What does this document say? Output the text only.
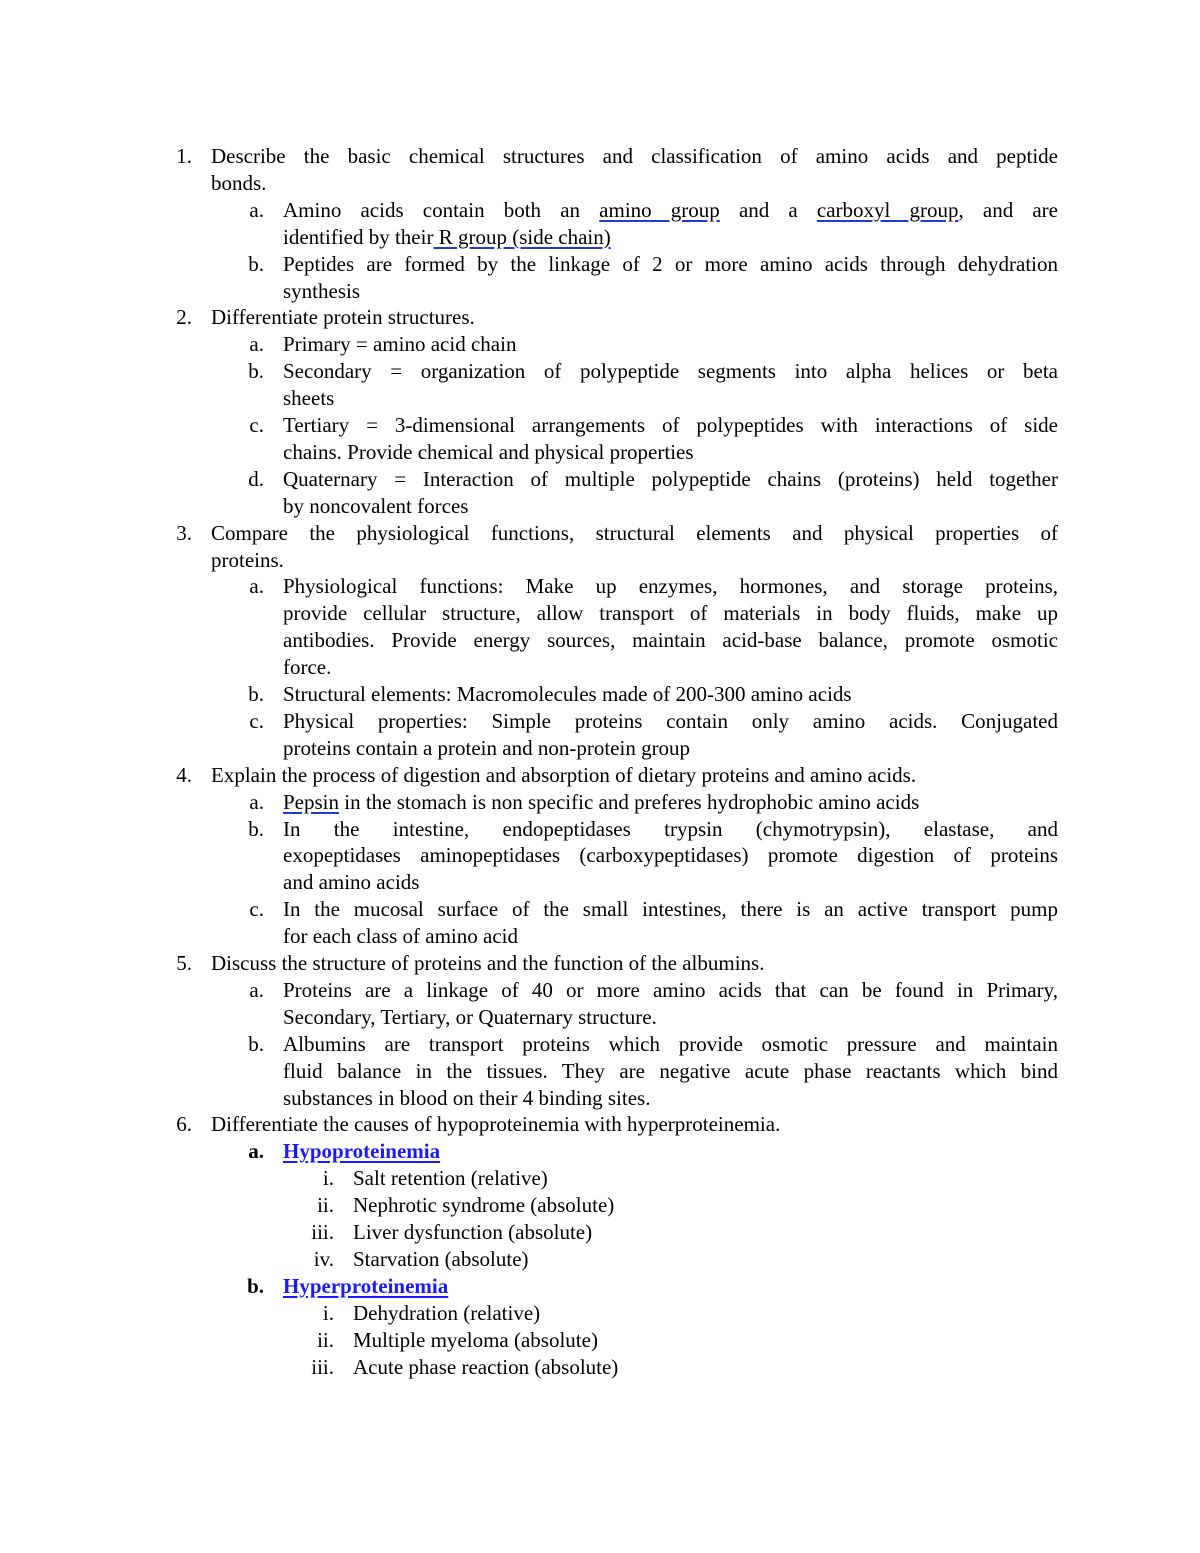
1. Describe the basic chemical structures and classification of amino acids and peptide
bonds.
a. Amino acids contain both an amino group and a carboxyl group, and are
identified by their R group (side chain)
b. Peptides are formed by the linkage of 2 or more amino acids through dehydration
synthesis
2. Differentiate protein structures.
a. Primary = amino acid chain
b. Secondary = organization of polypeptide segments into alpha helices or beta
sheets
c. Tertiary = 3-dimensional arrangements of polypeptides with interactions of side
chains. Provide chemical and physical properties
d. Quaternary = Interaction of multiple polypeptide chains (proteins) held together
by noncovalent forces
3. Compare the physiological functions, structural elements and physical properties of
proteins.
a. Physiological functions: Make up enzymes, hormones, and storage proteins,
provide cellular structure, allow transport of materials in body fluids, make up
antibodies. Provide energy sources, maintain acid-base balance, promote osmotic
force.
b. Structural elements: Macromolecules made of 200-300 amino acids
c. Physical properties: Simple proteins contain only amino acids. Conjugated
proteins contain a protein and non-protein group
4. Explain the process of digestion and absorption of dietary proteins and amino acids.
a. Pepsin in the stomach is non specific and preferes hydrophobic amino acids
b. In the intestine, endopeptidases trypsin (chymotrypsin), elastase, and
exopeptidases aminopeptidases (carboxypeptidases) promote digestion of proteins
and amino acids
c. In the mucosal surface of the small intestines, there is an active transport pump
for each class of amino acid
5. Discuss the structure of proteins and the function of the albumins.
a. Proteins are a linkage of 40 or more amino acids that can be found in Primary,
Secondary, Tertiary, or Quaternary structure.
b. Albumins are transport proteins which provide osmotic pressure and maintain
fluid balance in the tissues. They are negative acute phase reactants which bind
substances in blood on their 4 binding sites.
6. Differentiate the causes of hypoproteinemia with hyperproteinemia.
a. Hypoproteinemia
i. Salt retention (relative)
ii. Nephrotic syndrome (absolute)
iii. Liver dysfunction (absolute)
iv. Starvation (absolute)
b. Hyperproteinemia
i. Dehydration (relative)
ii. Multiple myeloma (absolute)
iii. Acute phase reaction (absolute)
